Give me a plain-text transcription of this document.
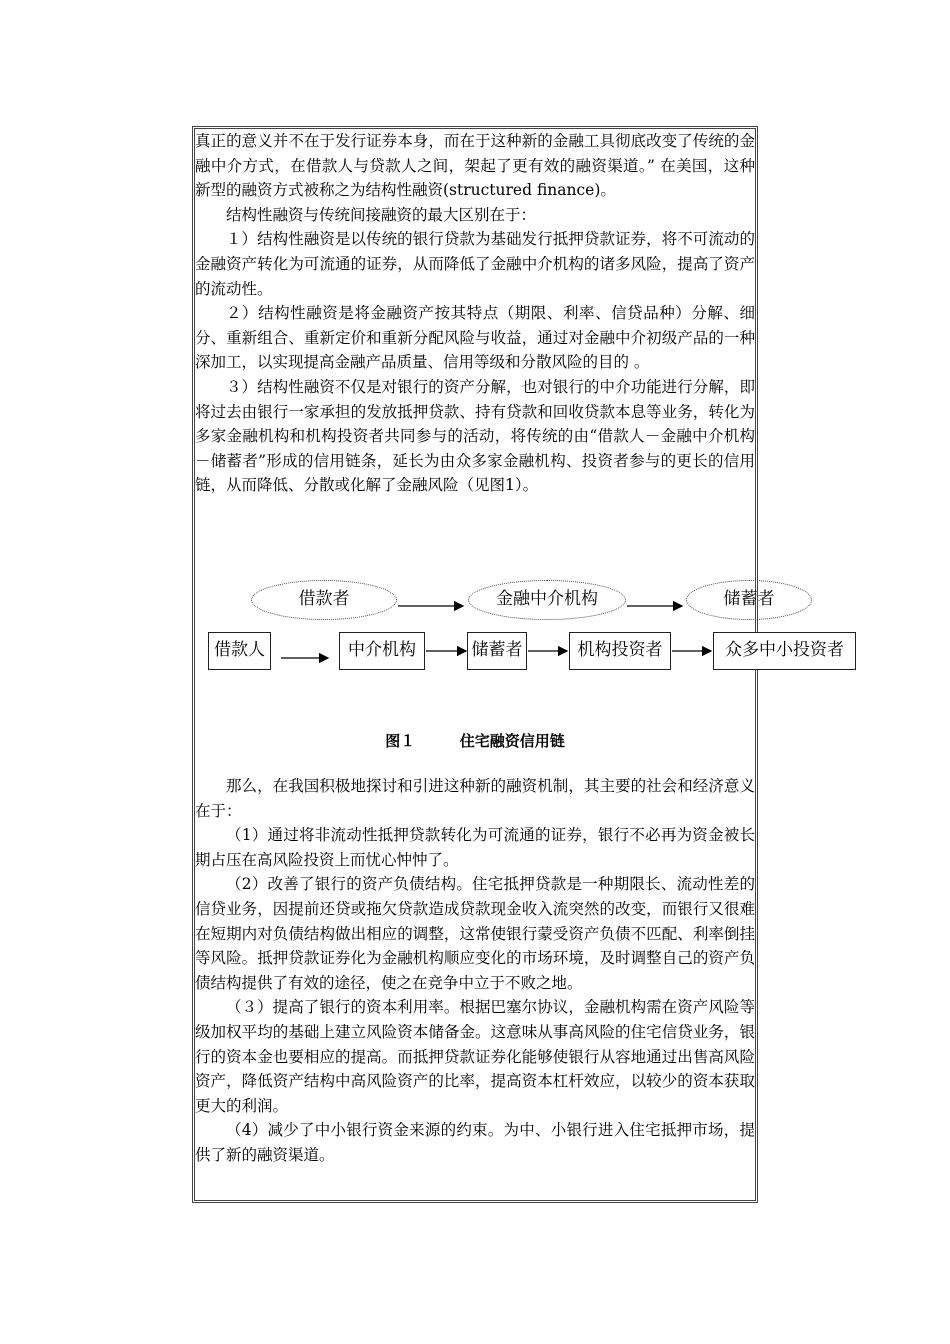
真正的意义并不在于发行证券本身，而在于这种新的金融工具彻底改变了传统的金融中介方式，在借款人与贷款人之间，架起了更有效的融资渠道。” 在美国，这种新型的融资方式被称之为结构性融资(structured finance)。

结构性融资与传统间接融资的最大区别在于：

１）结构性融资是以传统的银行贷款为基础发行抵押贷款证券，将不可流动的金融资产转化为可流通的证券，从而降低了金融中介机构的诸多风险，提高了资产的流动性。

２）结构性融资是将金融资产按其特点（期限、利率、信贷品种）分解、细分、重新组合、重新定价和重新分配风险与收益，通过对金融中介初级产品的一种深加工，以实现提高金融产品质量、信用等级和分散风险的目的 。

３）结构性融资不仅是对银行的资产分解，也对银行的中介功能进行分解，即将过去由银行一家承担的发放抵押贷款、持有贷款和回收贷款本息等业务，转化为多家金融机构和机构投资者共同参与的活动，将传统的由“借款人－金融中介机构－储蓄者”形成的信用链条，延长为由众多家金融机构、投资者参与的更长的信用链，从而降低、分散或化解了金融风险（见图1）。

那么，在我国积极地探讨和引进这种新的融资机制，其主要的社会和经济意义在于：

（1）通过将非流动性抵押贷款转化为可流通的证券，银行不必再为资金被长期占压在高风险投资上而忧心忡忡了。

（2）改善了银行的资产负债结构。住宅抵押贷款是一种期限长、流动性差的信贷业务，因提前还贷或拖欠贷款造成贷款现金收入流突然的改变，而银行又很难在短期内对负债结构做出相应的调整，这常使银行蒙受资产负债不匹配、利率倒挂等风险。抵押贷款证券化为金融机构顺应变化的市场环境，及时调整自己的资产负债结构提供了有效的途径，使之在竞争中立于不败之地。

（３）提高了银行的资本利用率。根据巴塞尔协议，金融机构需在资产风险等级加权平均的基础上建立风险资本储备金。这意味从事高风险的住宅信贷业务，银行的资本金也要相应的提高。而抵押贷款证券化能够使银行从容地通过出售高风险资产，降低资产结构中高风险资产的比率，提高资本杠杆效应，以较少的资本获取更大的利润。

（4）减少了中小银行资金来源的约束。为中、小银行进入住宅抵押市场，提供了新的融资渠道。

借款者	金融中介机构	储蓄者
借款人	中介机构	储蓄者	机构投资者	众多中小投资者
图１	住宅融资信用链
